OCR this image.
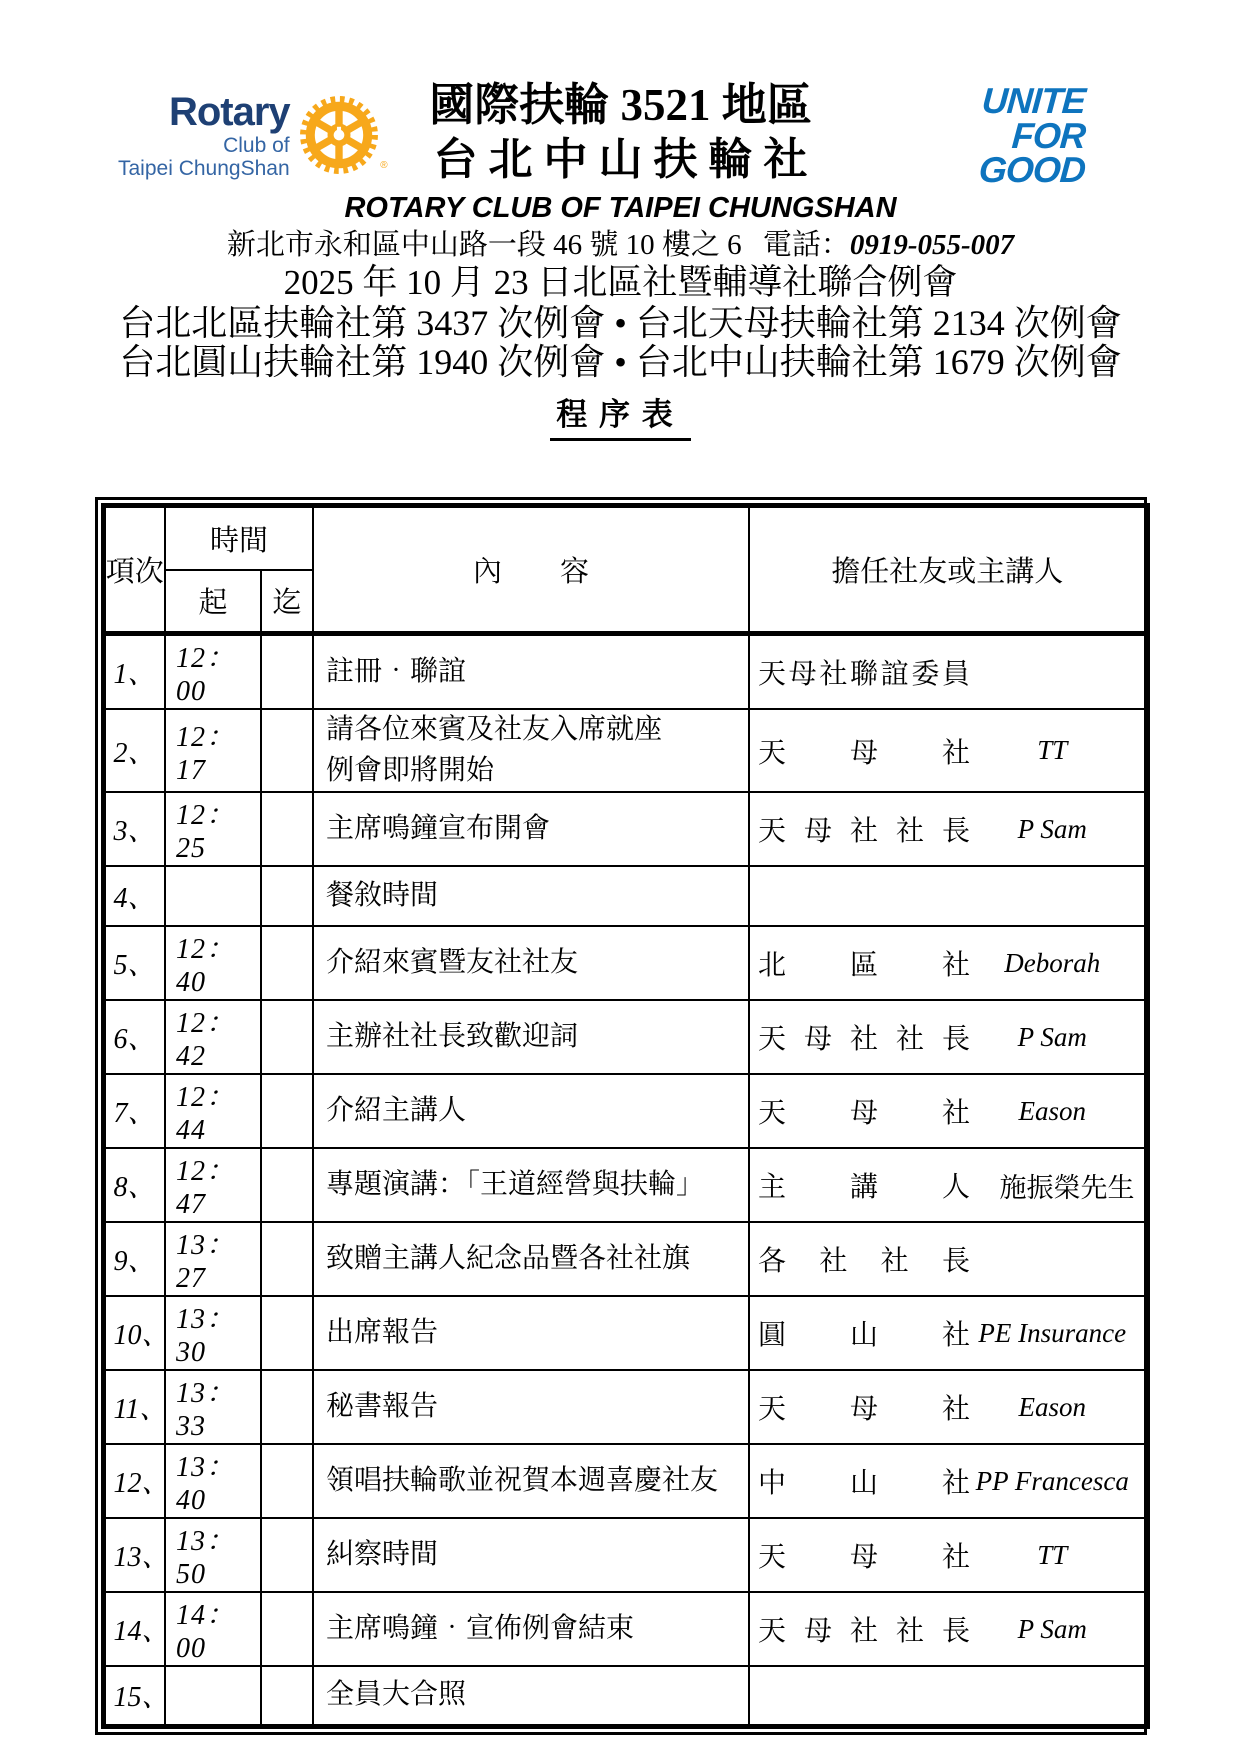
Rotary
Club of
Taipei ChungShan	®
UNITE
FOR
GOOD
國際扶輪 3521 地區
台 北 中 山 扶 輪 社
ROTARY CLUB OF TAIPEI CHUNGSHAN
新北市永和區中山路一段 46 號 10 樓之 6 電話：0919-055-007
2025 年 10 月 23 日北區社暨輔導社聯合例會
台北北區扶輪社第 3437 次例會 • 台北天母扶輪社第 2134 次例會
台北圓山扶輪社第 1940 次例會 • 台北中山扶輪社第 1679 次例會
程 序 表
項次	時間		內　　容	擔任社友或主講人
	起	迄		
1、	12：00		註冊‧聯誼	天母社聯誼委員

2、	12：17		請各位來賓及社友入席就座
例會即將開始	天母社 TT

3、	12：25		主席鳴鐘宣布開會	天母社社長 P Sam

4、			餐敘時間	

5、	12：40		介紹來賓暨友社社友	北區社 Deborah

6、	12：42		主辦社社長致歡迎詞	天母社社長 P Sam

7、	12：44		介紹主講人	天母社 Eason

8、	12：47		專題演講：「王道經營與扶輪」	主講人 施振榮先生

9、	13：27		致贈主講人紀念品暨各社社旗	各社社長

10、	13：30		出席報告	圓山社 PE Insurance

11、	13：33		秘書報告	天母社 Eason

12、	13：40		領唱扶輪歌並祝賀本週喜慶社友	中山社 PP Francesca

13、	13：50		糾察時間	天母社 TT

14、	14：00		主席鳴鐘‧宣佈例會結束	天母社社長 P Sam

15、			全員大合照	
